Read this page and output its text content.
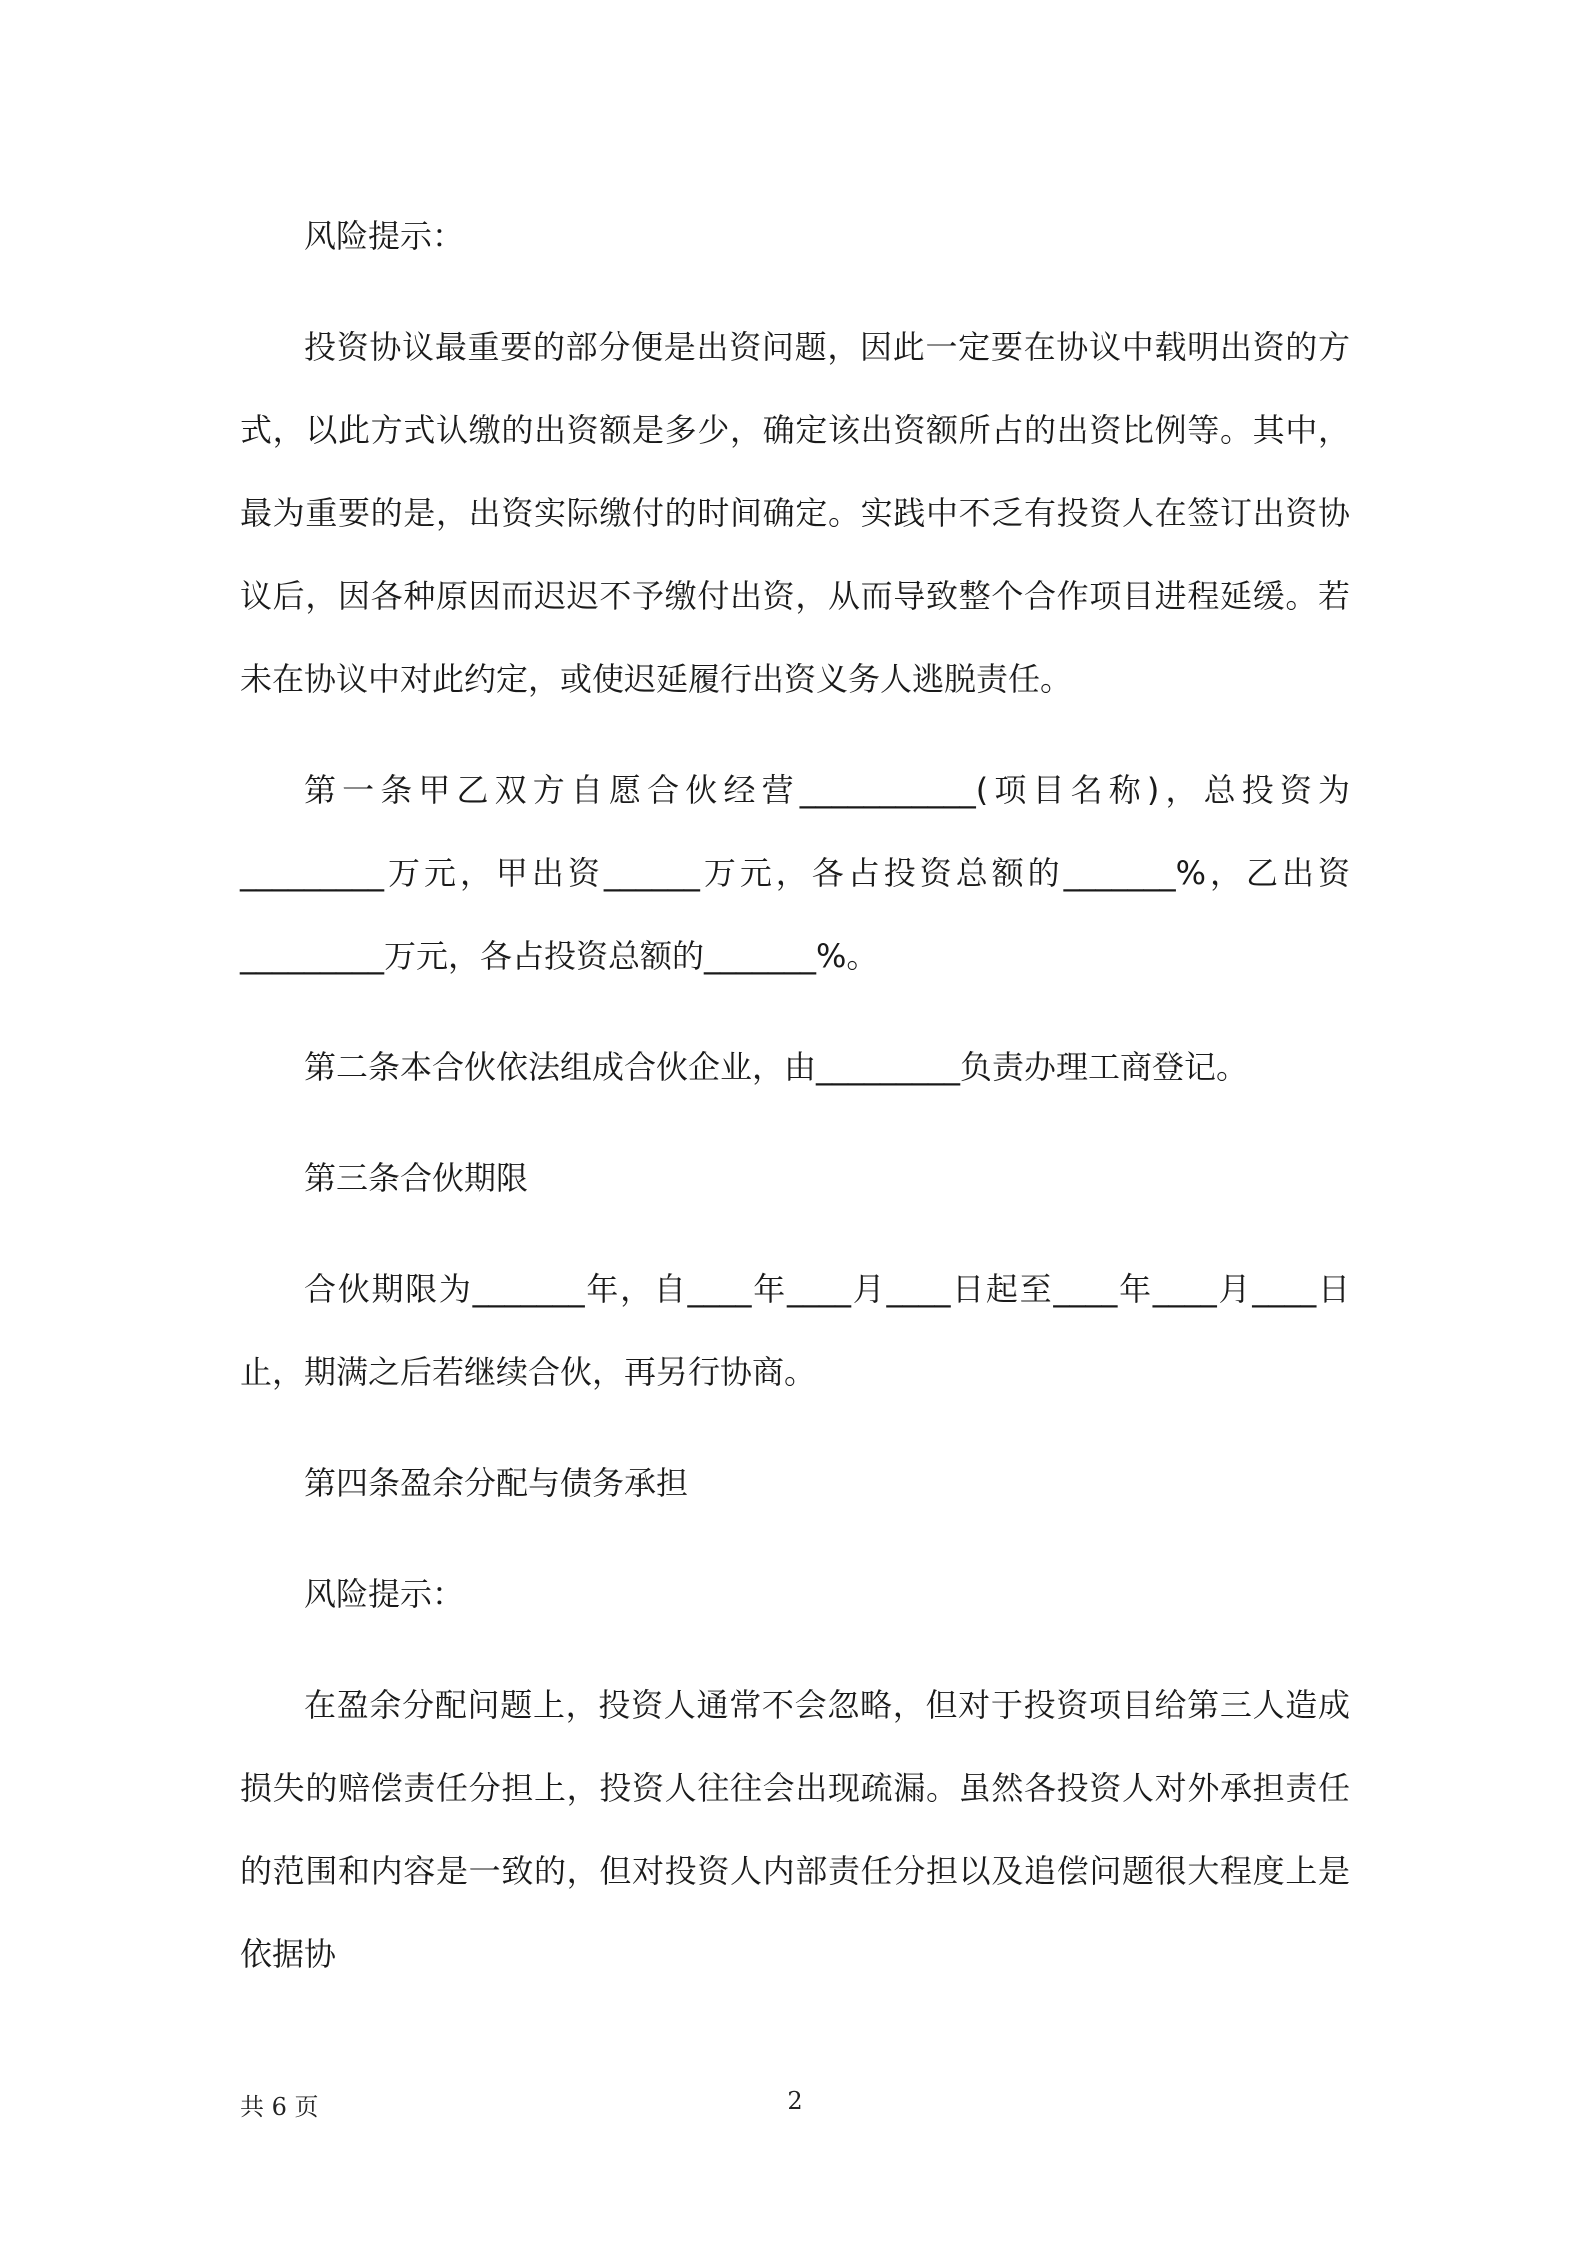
风险提示：

投资协议最重要的部分便是出资问题，因此一定要在协议中载明出资的方式，以此方式认缴的出资额是多少，确定该出资额所占的出资比例等。其中，最为重要的是，出资实际缴付的时间确定。实践中不乏有投资人在签订出资协议后，因各种原因而迟迟不予缴付出资，从而导致整个合作项目进程延缓。若未在协议中对此约定，或使迟延履行出资义务人逃脱责任。

第一条甲乙双方自愿合伙经营___________(项目名称)，总投资为_________万元，甲出资______万元，各占投资总额的_______%，乙出资_________万元，各占投资总额的_______%。

第二条本合伙依法组成合伙企业，由_________负责办理工商登记。

第三条合伙期限

合伙期限为_______年，自____年____月____日起至____年____月____日止，期满之后若继续合伙，再另行协商。

第四条盈余分配与债务承担

风险提示：

在盈余分配问题上，投资人通常不会忽略，但对于投资项目给第三人造成损失的赔偿责任分担上，投资人往往会出现疏漏。虽然各投资人对外承担责任的范围和内容是一致的，但对投资人内部责任分担以及追偿问题很大程度上是依据协

共 6 页	2
